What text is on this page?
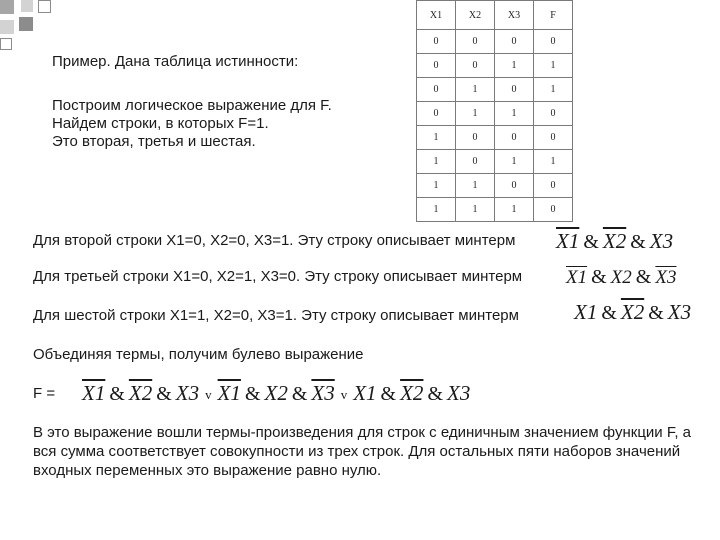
Пример. Дана таблица истинности:
Построим логическое выражение для F.
Найдем строки, в которых F=1.
Это вторая, третья и шестая.
X1	X2	X3	F
0	0	0	0
0	0	1	1
0	1	0	1
0	1	1	0
1	0	0	0
1	0	1	1
1	1	0	0
1	1	1	0
Для второй строки X1=0, X2=0, X3=1. Эту строку описывает минтерм X1 & X2 & X3
Для третьей строки X1=0, X2=1, X3=0. Эту строку описывает минтерм X1 & X2 & X3
Для шестой строки X1=1, X2=0, X3=1. Эту строку описывает минтерм	X1 & X2 & X3
Объединяя термы, получим булево выражение
F = X1 & X2 & X3 v X1 & X2 & X3 v X1 & X2 & X3
В это выражение вошли термы-произведения для строк с единичным значением функции F, а вся сумма соответствует совокупности из трех строк. Для остальных пяти наборов значений входных переменных это выражение равно нулю.
